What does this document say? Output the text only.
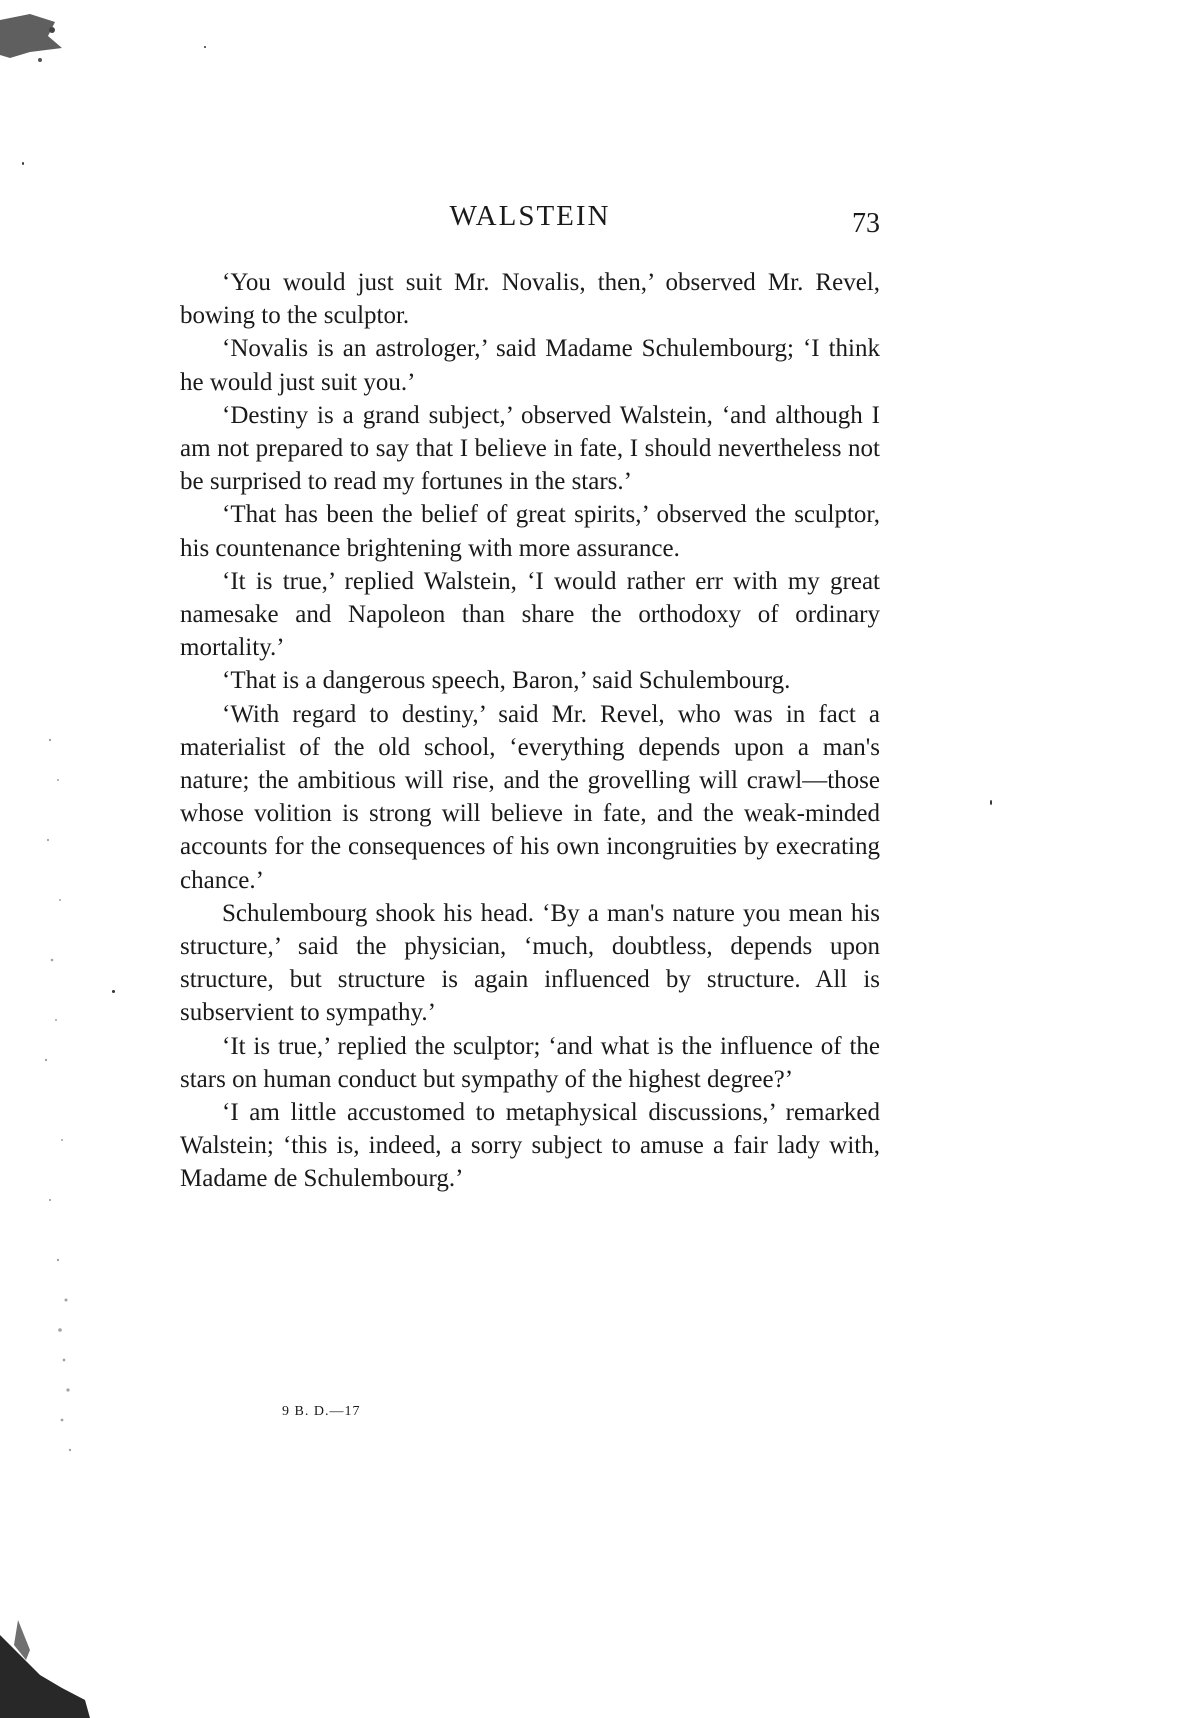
WALSTEIN	73

‘You would just suit Mr. Novalis, then,’ observed Mr. Revel, bowing to the sculptor.

‘Novalis is an astrologer,’ said Madame Schulembourg; ‘I think he would just suit you.’

‘Destiny is a grand subject,’ observed Walstein, ‘and although I am not prepared to say that I believe in fate, I should nevertheless not be surprised to read my fortunes in the stars.’

‘That has been the belief of great spirits,’ observed the sculptor, his countenance brightening with more assurance.

‘It is true,’ replied Walstein, ‘I would rather err with my great namesake and Napoleon than share the orthodoxy of ordinary mortality.’

‘That is a dangerous speech, Baron,’ said Schulembourg.

‘With regard to destiny,’ said Mr. Revel, who was in fact a materialist of the old school, ‘everything depends upon a man's nature; the ambitious will rise, and the grovelling will crawl—those whose volition is strong will believe in fate, and the weak-minded accounts for the consequences of his own incongruities by execrating chance.’

Schulembourg shook his head. ‘By a man's nature you mean his structure,’ said the physician, ‘much, doubtless, depends upon structure, but structure is again influenced by structure. All is subservient to sympathy.’

‘It is true,’ replied the sculptor; ‘and what is the influence of the stars on human conduct but sympathy of the highest degree?’

‘I am little accustomed to metaphysical discussions,’ remarked Walstein; ‘this is, indeed, a sorry subject to amuse a fair lady with, Madame de Schulembourg.’

9 B. D.—17
